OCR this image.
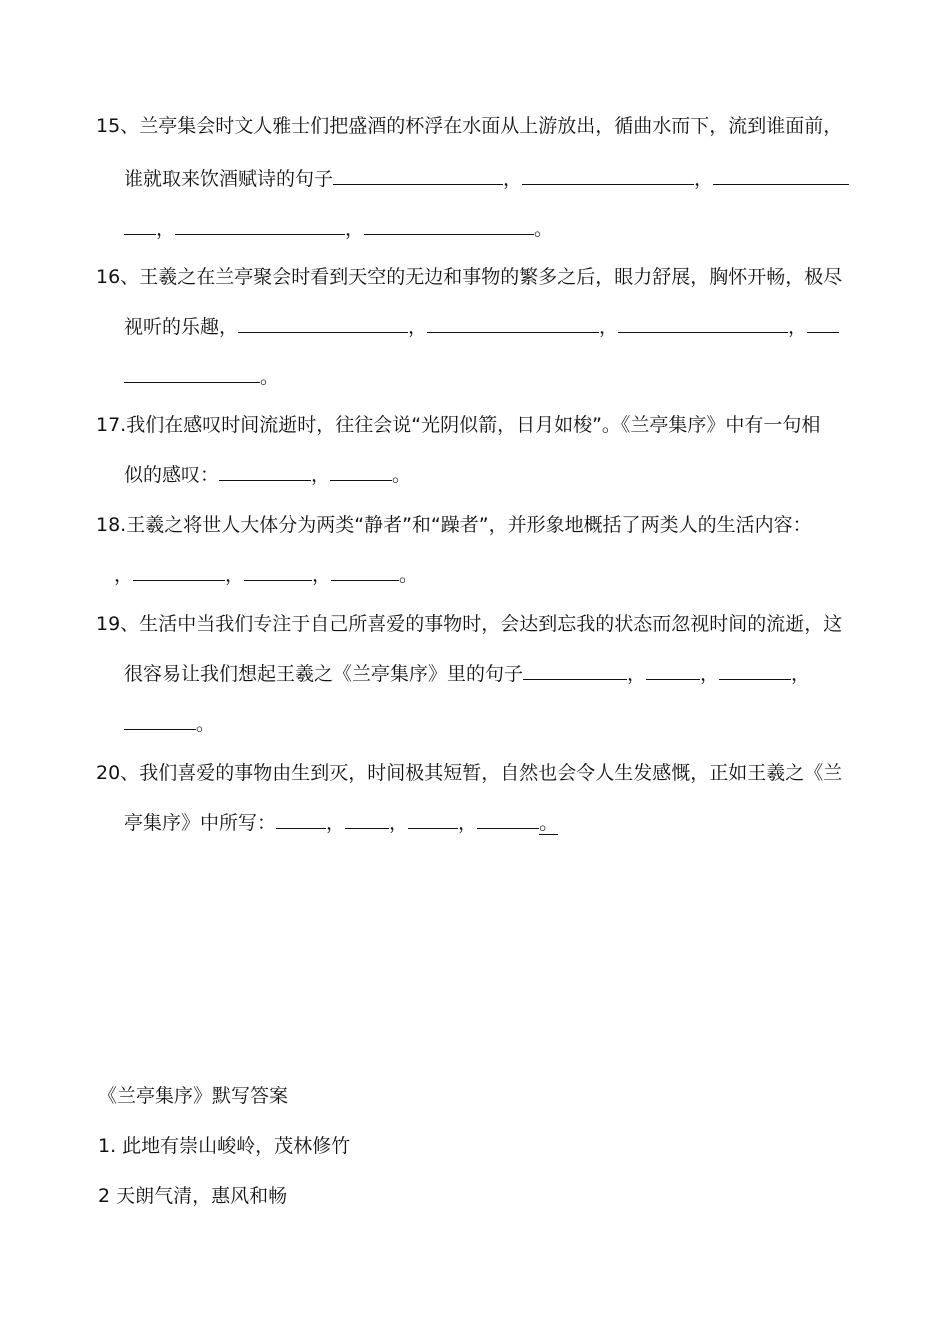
15、兰亭集会时文人雅士们把盛酒的杯浮在水面从上游放出，循曲水而下，流到谁面前，
谁就取来饮酒赋诗的句子	，	，
，	，	。
16、王羲之在兰亭聚会时看到天空的无边和事物的繁多之后，眼力舒展，胸怀开畅，极尽
视听的乐趣，	，	，	，
。
17.我们在感叹时间流逝时，往往会说“光阴似箭，日月如梭”。《兰亭集序》中有一句相
似的感叹：	，	。
18.王羲之将世人大体分为两类“静者”和“躁者”，并形象地概括了两类人的生活内容：
，	，	，	。
19、生活中当我们专注于自己所喜爱的事物时，会达到忘我的状态而忽视时间的流逝，这
很容易让我们想起王羲之《兰亭集序》里的句子	，	，	，
。
20、我们喜爱的事物由生到灭，时间极其短暂，自然也会令人生发感慨，正如王羲之《兰
亭集序》中所写：	， ，	，	。
《兰亭集序》默写答案
1. 此地有崇山峻岭，茂林修竹
2 天朗气清，惠风和畅
